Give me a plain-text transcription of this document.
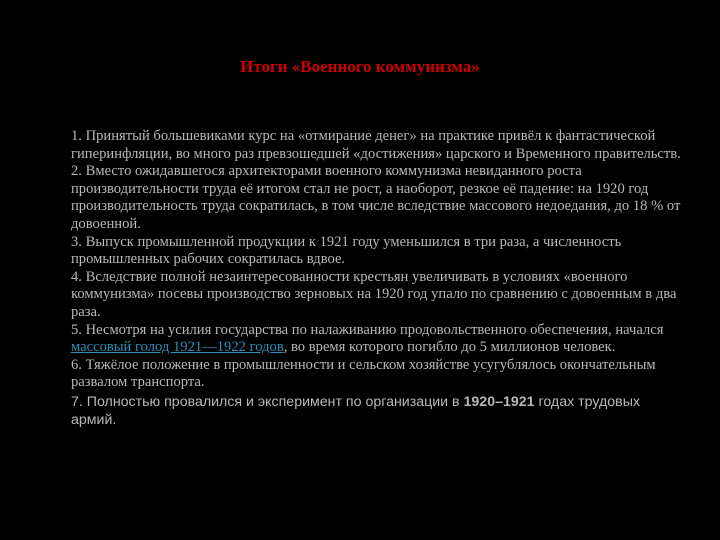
Итоги «Военного коммунизма»

1. Принятый большевиками курс на «отмирание денег» на практике привёл к фантастической гиперинфляции, во много раз превзошедшей «достижения» царского и Временного правительств.

2. Вместо ожидавшегося архитекторами военного коммунизма невиданного роста производительности труда её итогом стал не рост, а наоборот, резкое её падение: на 1920 год производительность труда сократилась, в том числе вследствие массового недоедания, до 18 % от довоенной.

3. Выпуск промышленной продукции к 1921 году уменьшился в три раза, а численность промышленных рабочих сократилась вдвое.

4. Вследствие полной незаинтересованности крестьян увеличивать в условиях «военного коммунизма» посевы производство зерновых на 1920 год упало по сравнению с довоенным в два раза.

5. Несмотря на усилия государства по налаживанию продовольственного обеспечения, начался массовый голод 1921—1922 годов, во время которого погибло до 5 миллионов человек.

6. Тяжёлое положение в промышленности и сельском хозяйстве усугублялось окончательным развалом транспорта.

7. Полностью провалился и эксперимент по организации в 1920–1921 годах трудовых армий.
